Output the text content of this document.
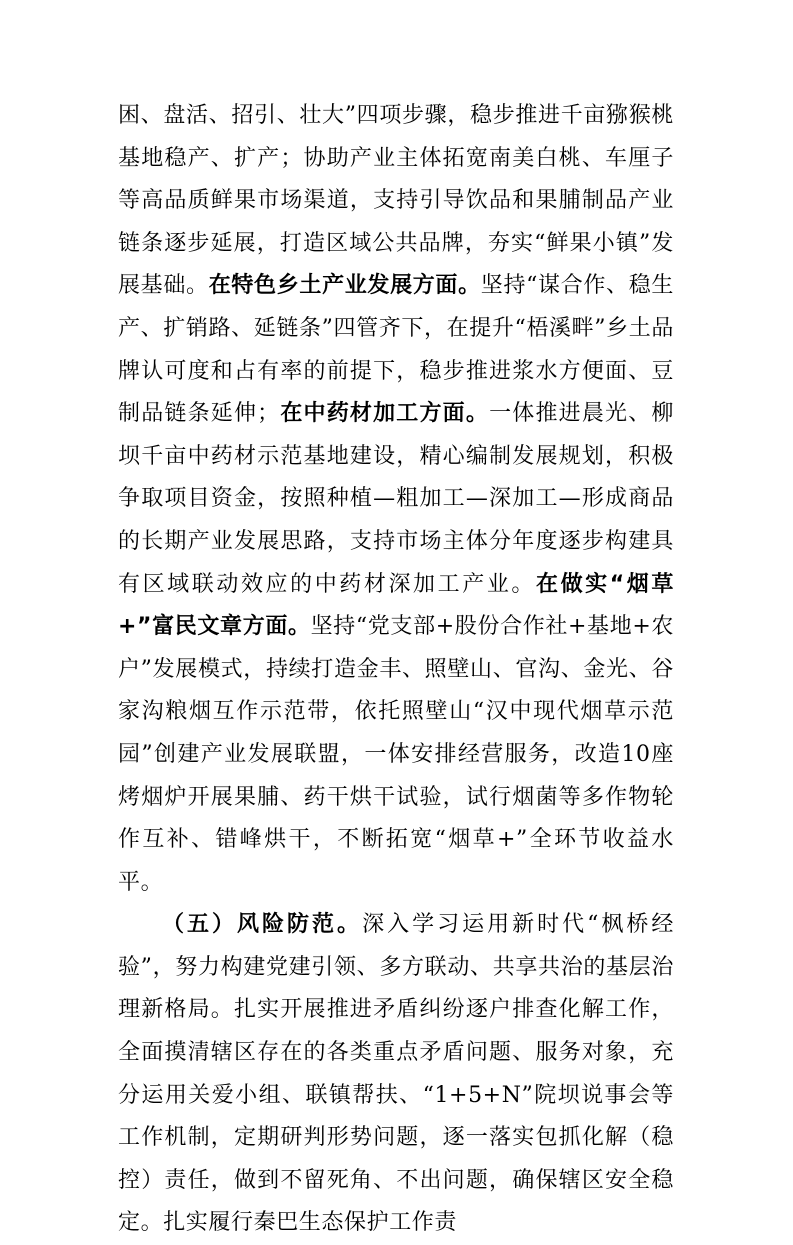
困、盘活、招引、壮大”四项步骤，稳步推进千亩猕猴桃基地稳产、扩产；协助产业主体拓宽南美白桃、车厘子等高品质鲜果市场渠道，支持引导饮品和果脯制品产业链条逐步延展，打造区域公共品牌，夯实“鲜果小镇”发展基础。在特色乡土产业发展方面。坚持“谋合作、稳生产、扩销路、延链条”四管齐下，在提升“梧溪畔”乡土品牌认可度和占有率的前提下，稳步推进浆水方便面、豆制品链条延伸；在中药材加工方面。一体推进晨光、柳坝千亩中药材示范基地建设，精心编制发展规划，积极争取项目资金，按照种植—粗加工—深加工—形成商品的长期产业发展思路，支持市场主体分年度逐步构建具有区域联动效应的中药材深加工产业。在做实“烟草+”富民文章方面。坚持“党支部+股份合作社+基地+农户”发展模式，持续打造金丰、照壁山、官沟、金光、谷家沟粮烟互作示范带，依托照壁山“汉中现代烟草示范园”创建产业发展联盟，一体安排经营服务，改造10座烤烟炉开展果脯、药干烘干试验，试行烟菌等多作物轮作互补、错峰烘干，不断拓宽“烟草+”全环节收益水平。

（五）风险防范。深入学习运用新时代“枫桥经验”，努力构建党建引领、多方联动、共享共治的基层治理新格局。扎实开展推进矛盾纠纷逐户排查化解工作，全面摸清辖区存在的各类重点矛盾问题、服务对象，充分运用关爱小组、联镇帮扶、“1+5+N”院坝说事会等工作机制，定期研判形势问题，逐一落实包抓化解（稳控）责任，做到不留死角、不出问题，确保辖区安全稳定。扎实履行秦巴生态保护工作责
